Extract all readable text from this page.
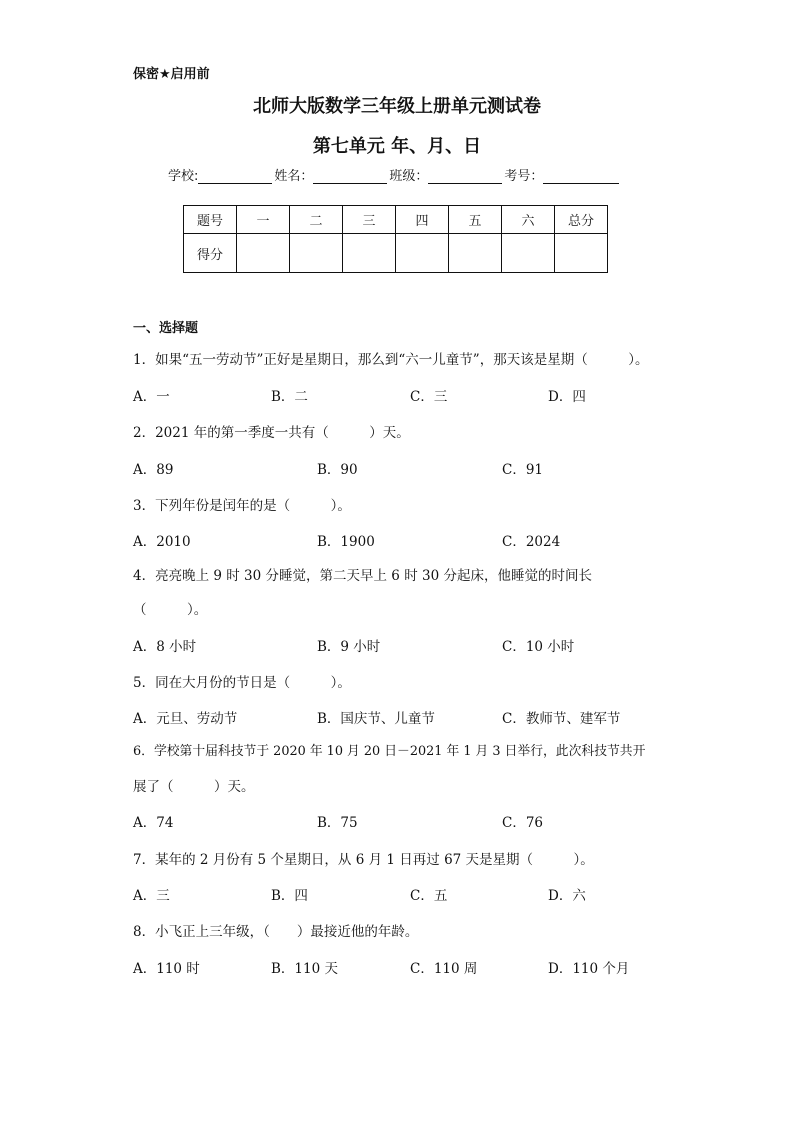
保密★启用前
北师大版数学三年级上册单元测试卷
第七单元 年、月、日
学校:	姓名：	班级：	考号：
题号	一	二	三	四	五	六	总分
得分							
一、选择题
1．如果“五一劳动节”正好是星期日，那么到“六一儿童节”，那天该是星期（　　　）。
A．一	B．二	C．三	D．四
2．2021 年的第一季度一共有（　　　）天。
A．89	B．90	C．91
3．下列年份是闰年的是（　　　）。
A．2010	B．1900	C．2024
4．亮亮晚上 9 时 30 分睡觉，第二天早上 6 时 30 分起床，他睡觉的时间长
（　　　）。
A．8 小时	B．9 小时	C．10 小时
5．同在大月份的节日是（　　　）。
A．元旦、劳动节	B．国庆节、儿童节	C．教师节、建军节
6．学校第十届科技节于 2020 年 10 月 20 日－2021 年 1 月 3 日举行，此次科技节共开
展了（　　　）天。
A．74	B．75	C．76
7．某年的 2 月份有 5 个星期日，从 6 月 1 日再过 67 天是星期（　　　）。
A．三	B．四	C．五	D．六
8．小飞正上三年级，（　　）最接近他的年龄。
A．110 时	B．110 天	C．110 周	D．110 个月
